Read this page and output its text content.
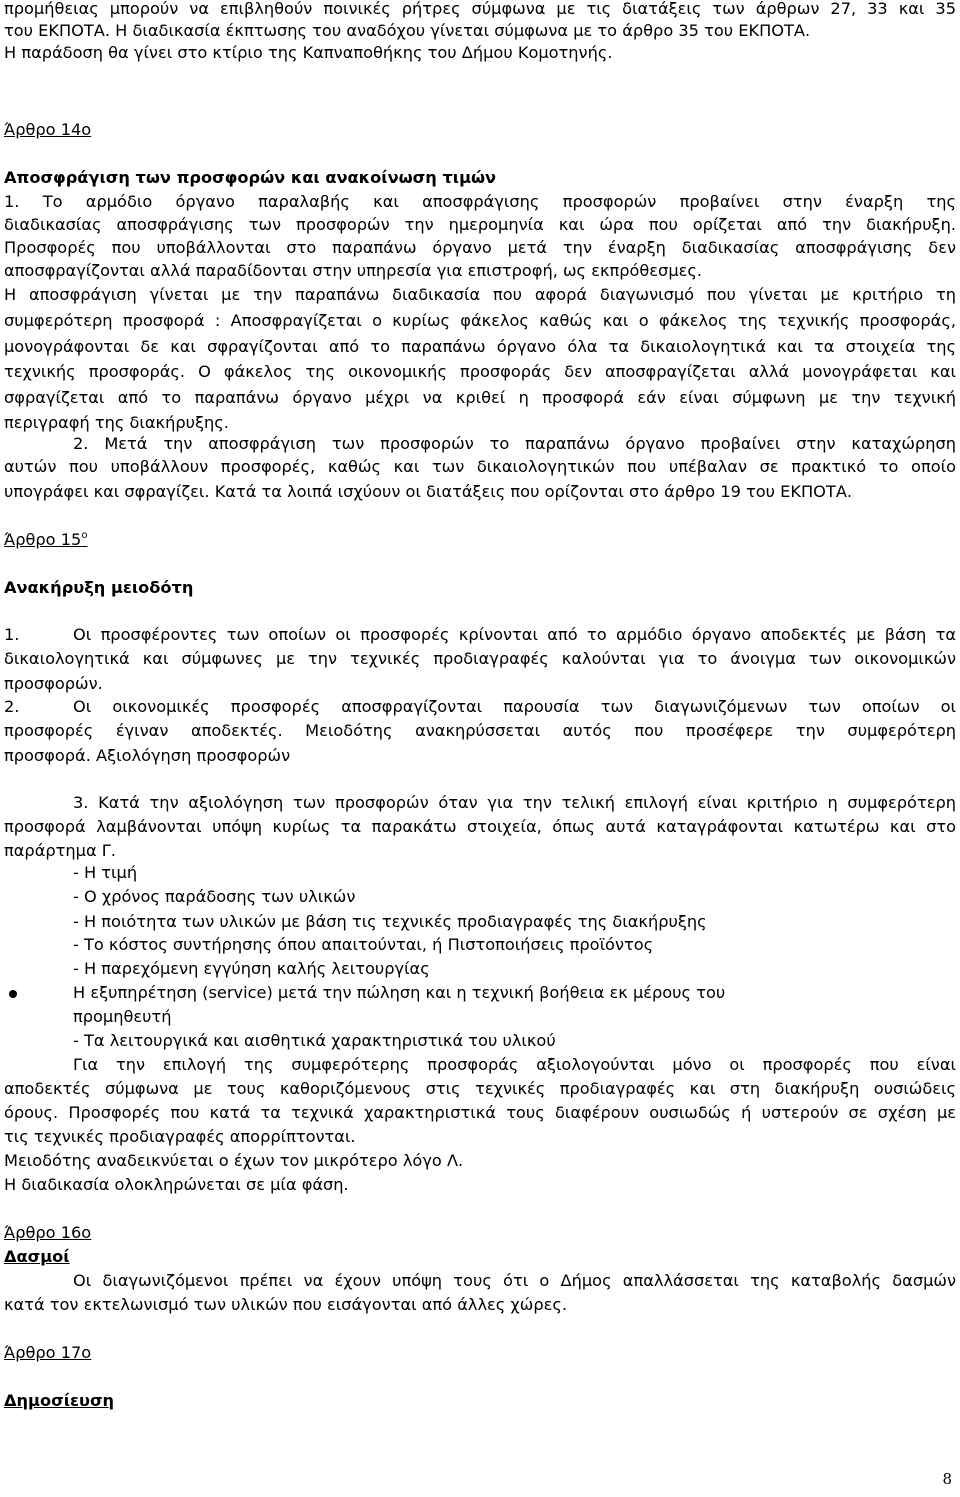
προμήθειας μπορούν να επιβληθούν ποινικές ρήτρες σύμφωνα με τις διατάξεις των άρθρων 27, 33 και 35
του ΕΚΠΟΤΑ. Η διαδικασία έκπτωσης του αναδόχου γίνεται σύμφωνα με το άρθρο 35 του ΕΚΠΟΤΑ.
Η παράδοση θα γίνει στο κτίριο της Καπναποθήκης του Δήμου Κομοτηνής.
Άρθρο 14ο
Αποσφράγιση των προσφορών και ανακοίνωση τιμών
1. Το αρμόδιο όργανο παραλαβής και αποσφράγισης προσφορών προβαίνει στην έναρξη της
διαδικασίας αποσφράγισης των προσφορών την ημερομηνία και ώρα που ορίζεται από την διακήρυξη.
Προσφορές που υποβάλλονται στο παραπάνω όργανο μετά την έναρξη διαδικασίας αποσφράγισης δεν
αποσφραγίζονται αλλά παραδίδονται στην υπηρεσία για επιστροφή, ως εκπρόθεσμες.
Η αποσφράγιση γίνεται με την παραπάνω διαδικασία που αφορά διαγωνισμό που γίνεται με κριτήριο τη
συμφερότερη προσφορά : Αποσφραγίζεται ο κυρίως φάκελος καθώς και ο φάκελος της τεχνικής προσφοράς,
μονογράφονται δε και σφραγίζονται από το παραπάνω όργανο όλα τα δικαιολογητικά και τα στοιχεία της
τεχνικής προσφοράς. Ο φάκελος της οικονομικής προσφοράς δεν αποσφραγίζεται αλλά μονογράφεται και
σφραγίζεται από το παραπάνω όργανο μέχρι να κριθεί η προσφορά εάν είναι σύμφωνη με την τεχνική
περιγραφή της διακήρυξης.
2. Μετά την αποσφράγιση των προσφορών το παραπάνω όργανο προβαίνει στην καταχώρηση
αυτών που υποβάλλουν προσφορές, καθώς και των δικαιολογητικών που υπέβαλαν σε πρακτικό το οποίο
υπογράφει και σφραγίζει. Κατά τα λοιπά ισχύουν οι διατάξεις που ορίζονται στο άρθρο 19 του ΕΚΠΟΤΑ.
Άρθρο $15^o$
Ανακήρυξη μειοδότη
1.	Οι προσφέροντες των οποίων οι προσφορές κρίνονται από το αρμόδιο όργανο αποδεκτές με βάση τα
δικαιολογητικά και σύμφωνες με την τεχνικές προδιαγραφές καλούνται για το άνοιγμα των οικονομικών
προσφορών.
2.	Οι οικονομικές προσφορές αποσφραγίζονται παρουσία των διαγωνιζόμενων των οποίων οι
προσφορές έγιναν αποδεκτές. Μειοδότης ανακηρύσσεται αυτός που προσέφερε την συμφερότερη
προσφορά. Αξιολόγηση προσφορών
3. Κατά την αξιολόγηση των προσφορών όταν για την τελική επιλογή είναι κριτήριο η συμφερότερη
προσφορά λαμβάνονται υπόψη κυρίως τα παρακάτω στοιχεία, όπως αυτά καταγράφονται κατωτέρω και στο
παράρτημα Γ.
- Η τιμή
- Ο χρόνος παράδοσης των υλικών
- Η ποιότητα των υλικών με βάση τις τεχνικές προδιαγραφές της διακήρυξης
- Το κόστος συντήρησης όπου απαιτούνται, ή Πιστοποιήσεις προϊόντος
- Η παρεχόμενη εγγύηση καλής λειτουργίας
Η εξυπηρέτηση (service) μετά την πώληση και η τεχνική βοήθεια εκ μέρους του
προμηθευτή
- Τα λειτουργικά και αισθητικά χαρακτηριστικά του υλικού
Για την επιλογή της συμφερότερης προσφοράς αξιολογούνται μόνο οι προσφορές που είναι
αποδεκτές σύμφωνα με τους καθοριζόμενους στις τεχνικές προδιαγραφές και στη διακήρυξη ουσιώδεις
όρους. Προσφορές που κατά τα τεχνικά χαρακτηριστικά τους διαφέρουν ουσιωδώς ή υστερούν σε σχέση με
τις τεχνικές προδιαγραφές απορρίπτονται.
Μειοδότης αναδεικνύεται ο έχων τον μικρότερο λόγο Λ.
Η διαδικασία ολοκληρώνεται σε μία φάση.
Άρθρο 16ο
Δασμοί
Οι διαγωνιζόμενοι πρέπει να έχουν υπόψη τους ότι ο Δήμος απαλλάσσεται της καταβολής δασμών
κατά τον εκτελωνισμό των υλικών που εισάγονται από άλλες χώρες.
Άρθρο 17ο
Δημοσίευση
8
